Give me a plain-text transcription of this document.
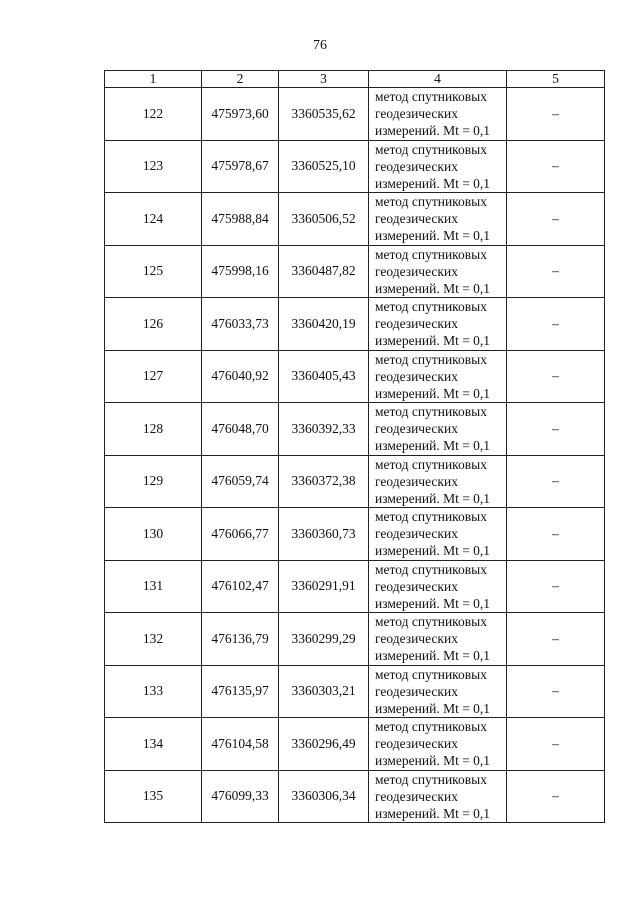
76
1	2	3	4	5
122	475973,60	3360535,62	метод спутниковых
геодезических
измерений. Mt = 0,1	–
123	475978,67	3360525,10	метод спутниковых
геодезических
измерений. Mt = 0,1	–
124	475988,84	3360506,52	метод спутниковых
геодезических
измерений. Mt = 0,1	–
125	475998,16	3360487,82	метод спутниковых
геодезических
измерений. Mt = 0,1	–
126	476033,73	3360420,19	метод спутниковых
геодезических
измерений. Mt = 0,1	–
127	476040,92	3360405,43	метод спутниковых
геодезических
измерений. Mt = 0,1	–
128	476048,70	3360392,33	метод спутниковых
геодезических
измерений. Mt = 0,1	–
129	476059,74	3360372,38	метод спутниковых
геодезических
измерений. Mt = 0,1	–
130	476066,77	3360360,73	метод спутниковых
геодезических
измерений. Mt = 0,1	–
131	476102,47	3360291,91	метод спутниковых
геодезических
измерений. Mt = 0,1	–
132	476136,79	3360299,29	метод спутниковых
геодезических
измерений. Mt = 0,1	–
133	476135,97	3360303,21	метод спутниковых
геодезических
измерений. Mt = 0,1	–
134	476104,58	3360296,49	метод спутниковых
геодезических
измерений. Mt = 0,1	–
135	476099,33	3360306,34	метод спутниковых
геодезических
измерений. Mt = 0,1	–
